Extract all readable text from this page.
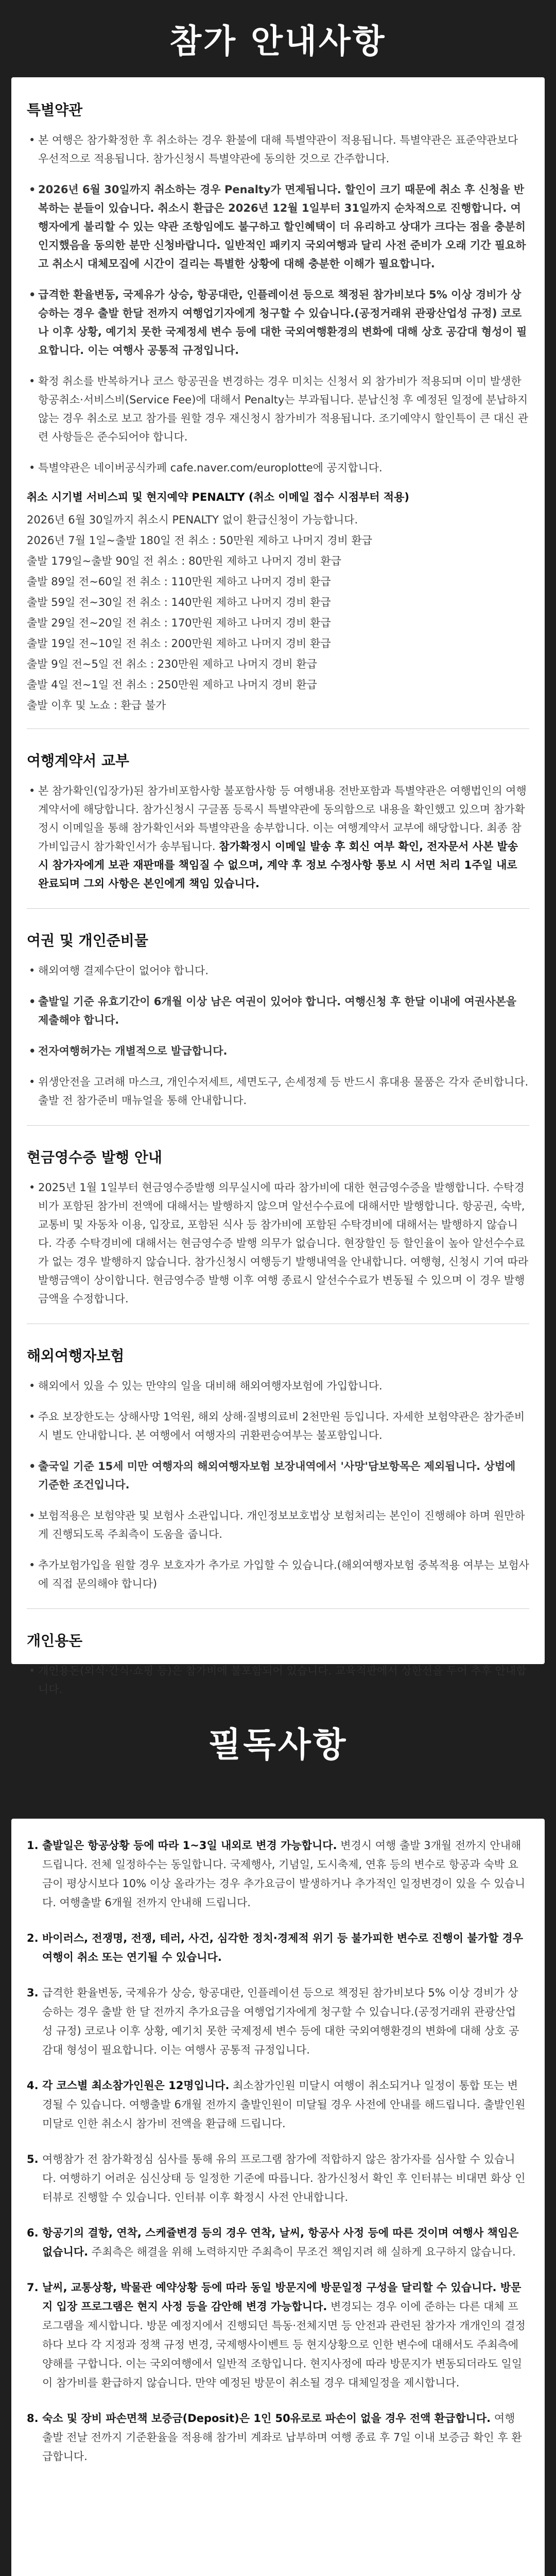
참가 안내사항
특별약관
• 본 여행은 참가확정한 후 취소하는 경우 환불에 대해 특별약관이 적용됩니다. 특별약관은 표준약관보다 우선적으로 적용됩니다. 참가신청시 특별약관에 동의한 것으로 간주합니다.
• 2026년 6월 30일까지 취소하는 경우 Penalty가 면제됩니다. 할인이 크기 때문에 취소 후 신청을 반복하는 분들이 있습니다. 취소시 환급은 2026년 12월 1일부터 31일까지 순차적으로 진행합니다. 여행자에게 불리할 수 있는 약관 조항임에도 불구하고 할인혜택이 더 유리하고 상대가 크다는 점을 충분히 인지했음을 동의한 분만 신청바랍니다. 일반적인 패키지 국외여행과 달리 사전 준비가 오래 기간 필요하고 취소시 대체모집에 시간이 걸리는 특별한 상황에 대해 충분한 이해가 필요합니다.
• 급격한 환율변동, 국제유가 상승, 항공대란, 인플레이션 등으로 책정된 참가비보다 5% 이상 경비가 상승하는 경우 출발 한달 전까지 여행업기자에게 청구할 수 있습니다.(공정거래위 관광산업성 규정) 코로나 이후 상황, 예기치 못한 국제정세 변수 등에 대한 국외여행환경의 변화에 대해 상호 공감대 형성이 필요합니다. 이는 여행사 공통적 규정입니다.
• 확정 취소를 반복하거나 코스 항공권을 변경하는 경우 미치는 신청서 외 참가비가 적용되며 이미 발생한 항공취소·서비스비(Service Fee)에 대해서 Penalty는 부과됩니다. 분납신청 후 예정된 일정에 분납하지 않는 경우 취소로 보고 참가를 원할 경우 재신청시 참가비가 적용됩니다. 조기예약시 할인특이 큰 대신 관련 사항들은 준수되어야 합니다.
• 특별약관은 네이버공식카페 cafe.naver.com/europlotte에 공지합니다.

취소 시기별 서비스피 및 현지예약 PENALTY (취소 이메일 접수 시점부터 적용)

2026년 6월 30일까지 취소시 PENALTY 없이 환급신청이 가능합니다.

2026년 7월 1일~출발 180일 전 취소 : 50만원 제하고 나머지 경비 환급

출발 179일~출발 90일 전 취소 : 80만원 제하고 나머지 경비 환급

출발 89일 전~60일 전 취소 : 110만원 제하고 나머지 경비 환급

출발 59일 전~30일 전 취소 : 140만원 제하고 나머지 경비 환급

출발 29일 전~20일 전 취소 : 170만원 제하고 나머지 경비 환급

출발 19일 전~10일 전 취소 : 200만원 제하고 나머지 경비 환급

출발 9일 전~5일 전 취소 : 230만원 제하고 나머지 경비 환급

출발 4일 전~1일 전 취소 : 250만원 제하고 나머지 경비 환급

출발 이후 및 노쇼 : 환급 불가

여행계약서 교부
• 본 참가확인(입장가)된 참가비포함사항 불포함사항 등 여행내용 전반포함과 특별약관은 여행법인의 여행계약서에 해당합니다. 참가신청시 구글폼 등록시 특별약관에 동의함으로 내용을 확인했고 있으며 참가확정시 이메일을 통해 참가확인서와 특별약관을 송부합니다. 이는 여행계약서 교부에 해당합니다. 최종 참가비입금시 참가확인서가 송부됩니다. 참가확정시 이메일 발송 후 회신 여부 확인, 전자문서 사본 발송 시 참가자에게 보관 재판매를 책임질 수 없으며, 계약 후 정보 수정사항 통보 시 서면 처리 1주일 내로 완료되며 그외 사항은 본인에게 책임 있습니다.
여권 및 개인준비물
• 해외여행 결제수단이 없어야 합니다.
• 출발일 기준 유효기간이 6개월 이상 남은 여권이 있어야 합니다. 여행신청 후 한달 이내에 여권사본을 제출해야 합니다.
• 전자여행허가는 개별적으로 발급합니다.
• 위생안전을 고려해 마스크, 개인수저세트, 세면도구, 손세정제 등 반드시 휴대용 물품은 각자 준비합니다. 출발 전 참가준비 매뉴얼을 통해 안내합니다.
현금영수증 발행 안내
• 2025년 1월 1일부터 현금영수증발행 의무실시에 따라 참가비에 대한 현금영수증을 발행합니다. 수탁경비가 포함된 참가비 전액에 대해서는 발행하지 않으며 알선수수료에 대해서만 발행합니다. 항공권, 숙박, 교통비 및 자동차 이용, 입장료, 포함된 식사 등 참가비에 포함된 수탁경비에 대해서는 발행하지 않습니다. 각종 수탁경비에 대해서는 현금영수증 발행 의무가 없습니다. 현장할인 등 할인율이 높아 알선수수료가 없는 경우 발행하지 않습니다. 참가신청시 여행등기 발행내역을 안내합니다. 여행형, 신청시 기여 따라 발행금액이 상이합니다. 현금영수증 발행 이후 여행 종료시 알선수수료가 변동될 수 있으며 이 경우 발행금액을 수정합니다.
해외여행자보험
• 해외에서 있을 수 있는 만약의 일을 대비해 해외여행자보험에 가입합니다.
• 주요 보장한도는 상해사망 1억원, 해외 상해·질병의료비 2천만원 등입니다. 자세한 보험약관은 참가준비 시 별도 안내합니다. 본 여행에서 여행자의 귀환편승여부는 불포함입니다.
• 출국일 기준 15세 미만 여행자의 해외여행자보험 보장내역에서 '사망'담보항목은 제외됩니다. 상법에 기준한 조건입니다.
• 보험적용은 보험약관 및 보험사 소관입니다. 개인정보보호법상 보험처리는 본인이 진행해야 하며 원만하게 진행되도록 주최측이 도움을 줍니다.
• 추가보험가입을 원할 경우 보호자가 추가로 가입할 수 있습니다.(해외여행자보험 중복적용 여부는 보험사에 직접 문의해야 합니다)
개인용돈
• 개인용돈(외식·간식·쇼핑 등)은 참가비에 불포함되어 있습니다. 교육적판에서 상한선을 두어 추후 안내합니다.
필독사항
1. 출발일은 항공상황 등에 따라 1~3일 내외로 변경 가능합니다. 변경시 여행 출발 3개월 전까지 안내해 드립니다. 전체 일정하수는 동일합니다. 국제행사, 기념일, 도시축제, 연휴 등의 변수로 항공과 숙박 요금이 평상시보다 10% 이상 올라가는 경우 추가요금이 발생하거나 추가적인 일정변경이 있을 수 있습니다. 여행출발 6개월 전까지 안내해 드립니다.
2. 바이러스, 전쟁명, 전쟁, 테러, 사건, 심각한 정치·경제적 위기 등 불가피한 변수로 진행이 불가할 경우 여행이 취소 또는 연기될 수 있습니다.
3. 급격한 환율변동, 국제유가 상승, 항공대란, 인플레이션 등으로 책정된 참가비보다 5% 이상 경비가 상승하는 경우 출발 한 달 전까지 추가요금을 여행업기자에게 청구할 수 있습니다.(공정거래위 관광산업성 규정) 코로나 이후 상황, 예기치 못한 국제정세 변수 등에 대한 국외여행환경의 변화에 대해 상호 공감대 형성이 필요합니다. 이는 여행사 공통적 규정입니다.
4. 각 코스별 최소참가인원은 12명입니다. 최소참가인원 미달시 여행이 취소되거나 일정이 통합 또는 변경될 수 있습니다. 여행출발 6개월 전까지 출발인원이 미달될 경우 사전에 안내를 해드립니다. 출발인원 미달로 인한 취소시 참가비 전액을 환급해 드립니다.
5. 여행참가 전 참가확정심 심사를 통해 유의 프로그램 참가에 적합하지 않은 참가자를 심사할 수 있습니다. 여행하기 어려운 심신상태 등 일정한 기준에 따릅니다. 참가신청서 확인 후 인터뷰는 비대면 화상 인터뷰로 진행할 수 있습니다. 인터뷰 이후 확정시 사전 안내합니다.
6. 항공기의 결항, 연착, 스케쥴변경 등의 경우 연착, 날씨, 항공사 사정 등에 따른 것이며 여행사 책임은 없습니다. 주최측은 해결을 위해 노력하지만 주최측이 무조건 책임지려 해 실하게 요구하지 않습니다.
7. 날씨, 교통상황, 박물관 예약상황 등에 따라 동일 방문지에 방문일정 구성을 달리할 수 있습니다. 방문지 입장 프로그램은 현지 사정 등을 감안해 변경 가능합니다. 변경되는 경우 이에 준하는 다른 대체 프로그램을 제시합니다. 방문 예정지에서 진행되던 특동·전체지면 등 안전과 관련된 참가자 개개인의 결정하다 보다 각 지정과 정책 규정 변경, 국제행사이벤트 등 현지상황으로 인한 변수에 대해서도 주최측에 양해를 구합니다. 이는 국외여행에서 일반적 조항입니다. 현지사정에 따라 방문지가 변동되더라도 일일이 참가비를 환급하지 않습니다. 만약 예정된 방문이 취소될 경우 대체일정을 제시합니다.
8. 숙소 및 장비 파손면책 보증금(Deposit)은 1인 50유로로 파손이 없을 경우 전액 환급합니다. 여행 출발 전날 전까지 기준환율을 적용해 참가비 계좌로 납부하며 여행 종료 후 7일 이내 보증금 확인 후 환급합니다.
